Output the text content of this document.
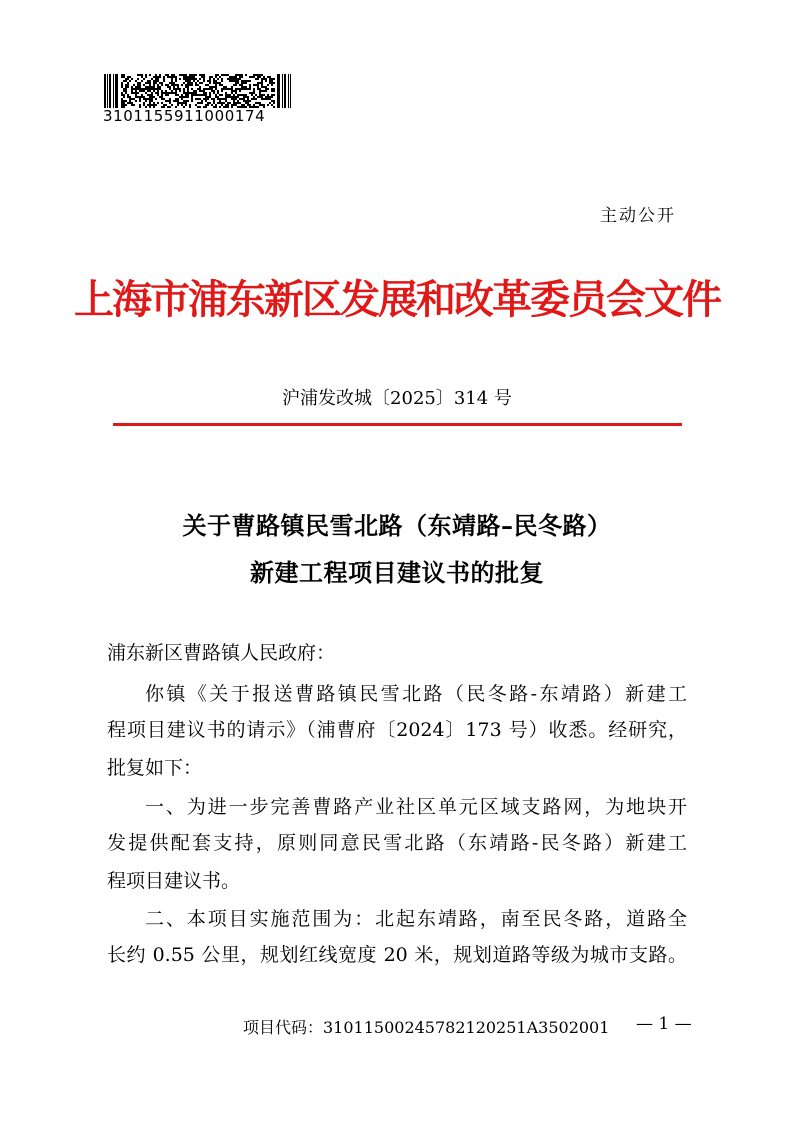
3101155911000174
主动公开
上海市浦东新区发展和改革委员会文件
沪浦发改城〔2025〕314 号
关于曹路镇民雪北路（东靖路–民冬路）
新建工程项目建议书的批复
浦东新区曹路镇人民政府：
你镇《关于报送曹路镇民雪北路（民冬路-东靖路）新建工
程项目建议书的请示》（浦曹府〔2024〕173 号）收悉。经研究，
批复如下：
一、为进一步完善曹路产业社区单元区域支路网，为地块开
发提供配套支持，原则同意民雪北路（东靖路-民冬路）新建工
程项目建议书。
二、本项目实施范围为：北起东靖路，南至民冬路，道路全
长约 0.55 公里，规划红线宽度 20 米，规划道路等级为城市支路。
项目代码：31011500245782120251A3502001 — 1 —
